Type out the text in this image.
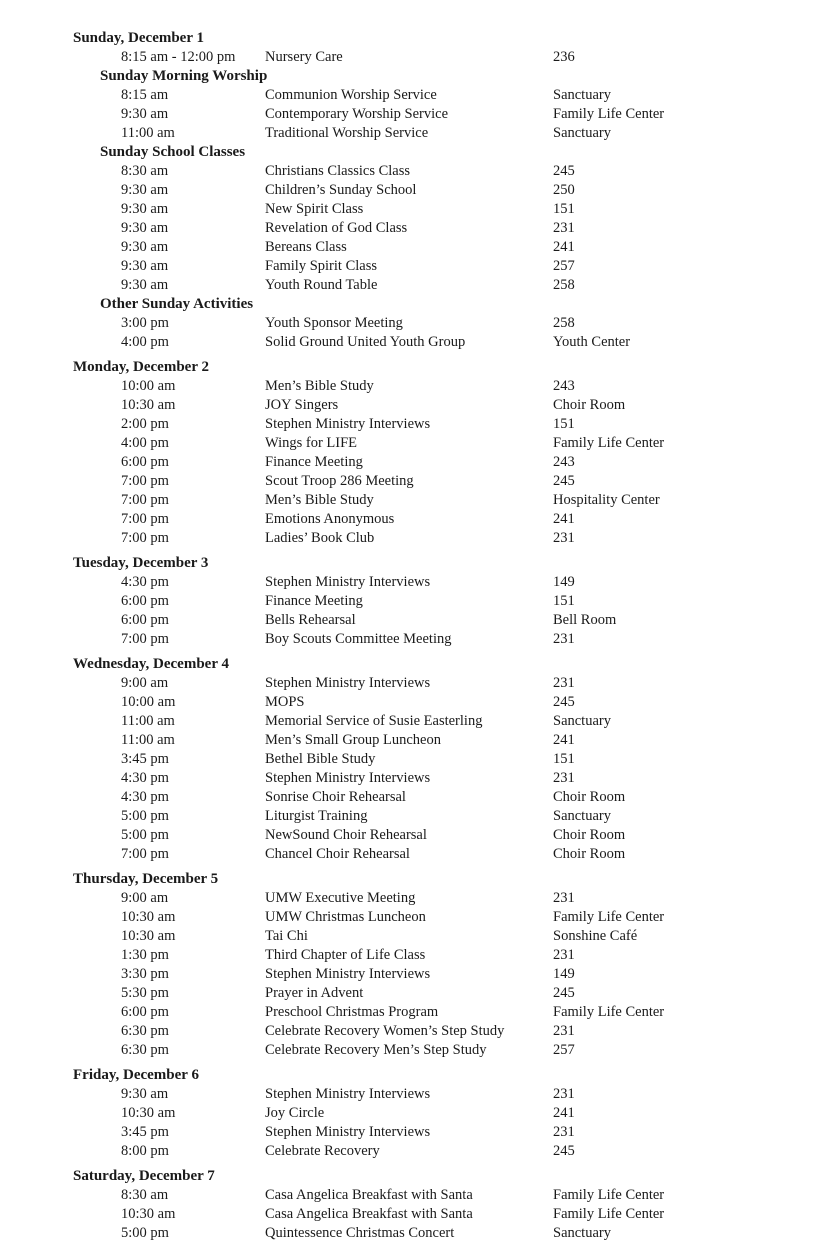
Sunday, December 1
8:15 am - 12:00 pm Nursery Care	236
Sunday Morning Worship
8:15 am	Communion Worship Service	Sanctuary
9:30 am	Contemporary Worship Service	Family Life Center
11:00 am	Traditional Worship Service	Sanctuary
Sunday School Classes
8:30 am	Christians Classics Class	245
9:30 am	Children’s Sunday School	250
9:30 am	New Spirit Class	151
9:30 am	Revelation of God Class	231
9:30 am	Bereans Class	241
9:30 am	Family Spirit Class	257
9:30 am	Youth Round Table	258
Other Sunday Activities
3:00 pm	Youth Sponsor Meeting	258
4:00 pm	Solid Ground United Youth Group	Youth Center
Monday, December 2
10:00 am	Men’s Bible Study	243
10:30 am	JOY Singers	Choir Room
2:00 pm	Stephen Ministry Interviews	151
4:00 pm	Wings for LIFE	Family Life Center
6:00 pm	Finance Meeting	243
7:00 pm	Scout Troop 286 Meeting	245
7:00 pm	Men’s Bible Study	Hospitality Center
7:00 pm	Emotions Anonymous	241
7:00 pm	Ladies’ Book Club	231
Tuesday, December 3
4:30 pm	Stephen Ministry Interviews	149
6:00 pm	Finance Meeting	151
6:00 pm	Bells Rehearsal	Bell Room
7:00 pm	Boy Scouts Committee Meeting	231
Wednesday, December 4
9:00 am	Stephen Ministry Interviews	231
10:00 am	MOPS	245
11:00 am	Memorial Service of Susie Easterling	Sanctuary
11:00 am	Men’s Small Group Luncheon	241
3:45 pm	Bethel Bible Study	151
4:30 pm	Stephen Ministry Interviews	231
4:30 pm	Sonrise Choir Rehearsal	Choir Room
5:00 pm	Liturgist Training	Sanctuary
5:00 pm	NewSound Choir Rehearsal	Choir Room
7:00 pm	Chancel Choir Rehearsal	Choir Room
Thursday, December 5
9:00 am	UMW Executive Meeting	231
10:30 am	UMW Christmas Luncheon	Family Life Center
10:30 am	Tai Chi	Sonshine Café
1:30 pm	Third Chapter of Life Class	231
3:30 pm	Stephen Ministry Interviews	149
5:30 pm	Prayer in Advent	245
6:00 pm	Preschool Christmas Program	Family Life Center
6:30 pm	Celebrate Recovery Women’s Step Study	231
6:30 pm	Celebrate Recovery Men’s Step Study	257
Friday, December 6
9:30 am	Stephen Ministry Interviews	231
10:30 am	Joy Circle	241
3:45 pm	Stephen Ministry Interviews	231
8:00 pm	Celebrate Recovery	245
Saturday, December 7
8:30 am	Casa Angelica Breakfast with Santa	Family Life Center
10:30 am	Casa Angelica Breakfast with Santa	Family Life Center
5:00 pm	Quintessence Christmas Concert	Sanctuary
